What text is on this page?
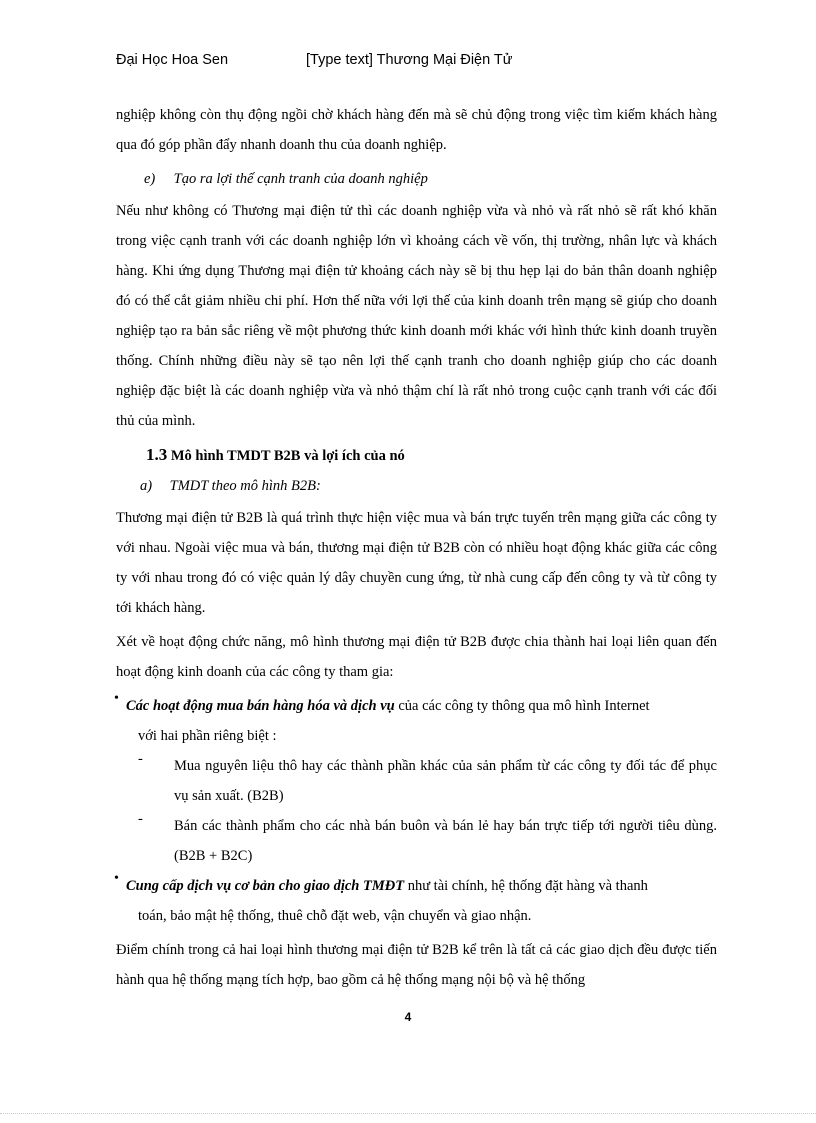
Đại Học Hoa Sen	[Type text] Thương Mại Điện Tử

nghiệp không còn thụ động ngồi chờ khách hàng đến mà sẽ chủ động trong việc tìm kiếm khách hàng qua đó góp phần đẩy nhanh doanh thu của doanh nghiệp.

e) Tạo ra lợi thế cạnh tranh của doanh nghiệp

Nếu như không có Thương mại điện tử thì các doanh nghiệp vừa và nhỏ và rất nhỏ sẽ rất khó khăn trong việc cạnh tranh với các doanh nghiệp lớn vì khoảng cách về vốn, thị trường, nhân lực và khách hàng. Khi ứng dụng Thương mại điện tử khoảng cách này sẽ bị thu hẹp lại do bản thân doanh nghiệp đó có thể cắt giảm nhiều chi phí. Hơn thế nữa với lợi thế của kinh doanh trên mạng sẽ giúp cho doanh nghiệp tạo ra bản sắc riêng về một phương thức kinh doanh mới khác với hình thức kinh doanh truyền thống. Chính những điều này sẽ tạo nên lợi thế cạnh tranh cho doanh nghiệp giúp cho các doanh nghiệp đặc biệt là các doanh nghiệp vừa và nhỏ thậm chí là rất nhỏ trong cuộc cạnh tranh với các đối thủ của mình.

1.3 Mô hình TMDT B2B và lợi ích của nó
a) TMDT theo mô hình B2B:

Thương mại điện tử B2B là quá trình thực hiện việc mua và bán trực tuyến trên mạng giữa các công ty với nhau. Ngoài việc mua và bán, thương mại điện tử B2B còn có nhiều hoạt động khác giữa các công ty với nhau trong đó có việc quản lý dây chuyền cung ứng, từ nhà cung cấp đến công ty và từ công ty tới khách hàng.

Xét về hoạt động chức năng, mô hình thương mại điện tử B2B được chia thành hai loại liên quan đến hoạt động kinh doanh của các công ty tham gia:

• Các hoạt động mua bán hàng hóa và dịch vụ của các công ty thông qua mô hình Internet

với hai phần riêng biệt :

- Mua nguyên liệu thô hay các thành phần khác của sản phẩm từ các công ty đối tác để phục vụ sản xuất. (B2B)

- Bán các thành phẩm cho các nhà bán buôn và bán lẻ hay bán trực tiếp tới người tiêu dùng. (B2B + B2C)

• Cung cấp dịch vụ cơ bản cho giao dịch TMĐT như tài chính, hệ thống đặt hàng và thanh

toán, bảo mật hệ thống, thuê chỗ đặt web, vận chuyển và giao nhận.

Điểm chính trong cả hai loại hình thương mại điện tử B2B kể trên là tất cả các giao dịch đều được tiến hành qua hệ thống mạng tích hợp, bao gồm cả hệ thống mạng nội bộ và hệ thống

4
